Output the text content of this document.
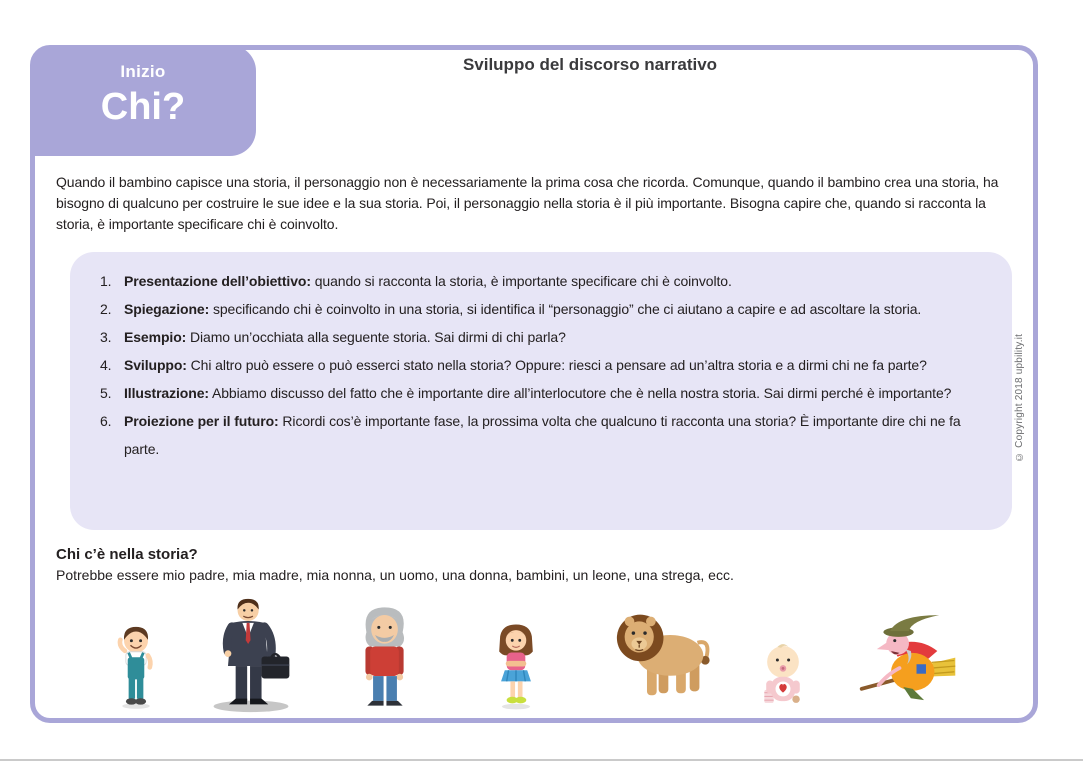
Inizio
Chi?
Sviluppo del discorso narrativo
Quando il bambino capisce una storia, il personaggio non è necessariamente la prima cosa che ricorda. Comunque, quando il bambino crea una storia, ha bisogno di qualcuno per costruire le sue idee e la sua storia. Poi, il personaggio nella storia è il più importante. Bisogna capire che, quando si racconta la storia, è importante specificare chi è coinvolto.
1. Presentazione dell’obiettivo: quando si racconta la storia, è importante specificare chi è coinvolto.
2. Spiegazione: specificando chi è coinvolto in una storia, si identifica il “personaggio” che ci aiutano a capire e ad ascoltare la storia.
3. Esempio: Diamo un’occhiata alla seguente storia. Sai dirmi di chi parla?
4. Sviluppo: Chi altro può essere o può esserci stato nella storia? Oppure: riesci a pensare ad un’altra storia e a dirmi chi ne fa parte?
5. Illustrazione: Abbiamo discusso del fatto che è importante dire all’interlocutore che è nella nostra storia. Sai dirmi perché è importante?
6. Proiezione per il futuro: Ricordi cos’è importante fase, la prossima volta che qualcuno ti racconta una storia? È importante dire chi ne fa parte.
Chi c’è nella storia?
Potrebbe essere mio padre, mia madre, mia nonna, un uomo, una donna, bambini, un leone, una strega, ecc.
© Copyright 2018 upbility.it
